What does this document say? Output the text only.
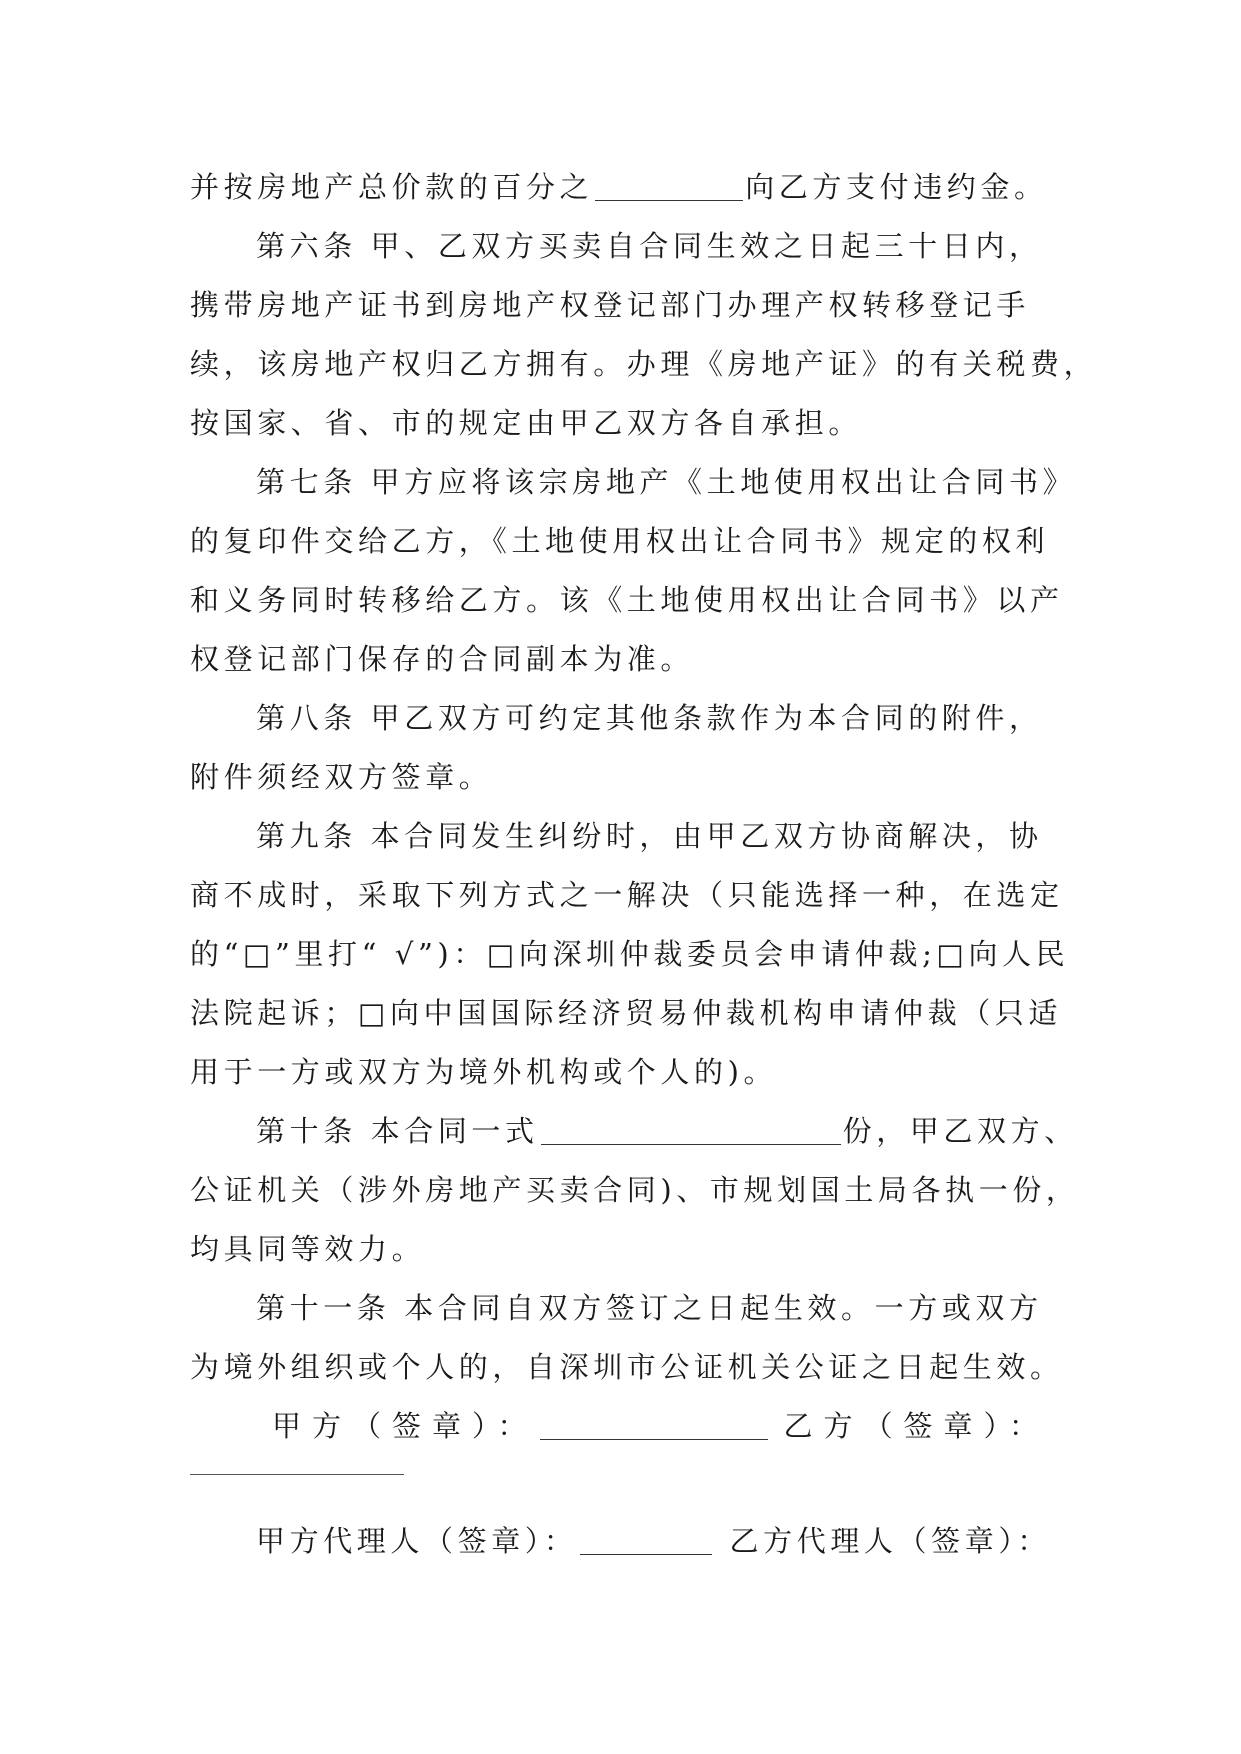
并按房地产总价款的百分之	向乙方支付违约金。
第六条 甲、乙双方买卖自合同生效之日起三十日内，
携带房地产证书到房地产权登记部门办理产权转移登记手
续，该房地产权归乙方拥有。办理《房地产证》的有关税费，
按国家、省、市的规定由甲乙双方各自承担。
第七条 甲方应将该宗房地产《土地使用权出让合同书》
的复印件交给乙方，《土地使用权出让合同书》规定的权利
和义务同时转移给乙方。该《土地使用权出让合同书》以产
权登记部门保存的合同副本为准。
第八条 甲乙双方可约定其他条款作为本合同的附件，
附件须经双方签章。
第九条 本合同发生纠纷时，由甲乙双方协商解决，协
商不成时，采取下列方式之一解决（只能选择一种，在选定
的“□”里打“ √”)：□向深圳仲裁委员会申请仲裁;□向人民
法院起诉；□向中国国际经济贸易仲裁机构申请仲裁（只适
用于一方或双方为境外机构或个人的)。
第十条 本合同一式	份，甲乙双方、
公证机关（涉外房地产买卖合同)、市规划国土局各执一份，
均具同等效力。
第十一条 本合同自双方签订之日起生效。一方或双方
为境外组织或个人的，自深圳市公证机关公证之日起生效。
甲方（签章）：	乙方（签章）：
甲方代理人（签章）：	乙方代理人（签章）：
